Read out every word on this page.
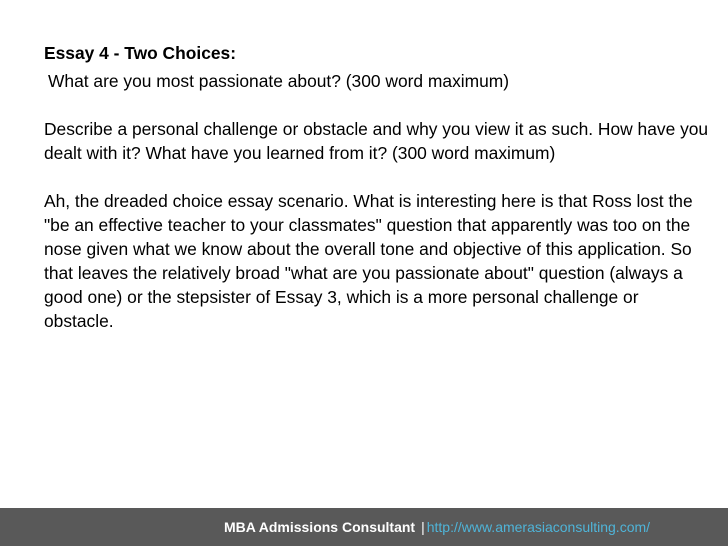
Essay 4 - Two Choices:

What are you most passionate about? (300 word maximum)

Describe a personal challenge or obstacle and why you view it as such. How have you dealt with it? What have you learned from it? (300 word maximum)

Ah, the dreaded choice essay scenario. What is interesting here is that Ross lost the "be an effective teacher to your classmates" question that apparently was too on the nose given what we know about the overall tone and objective of this application. So that leaves the relatively broad "what are you passionate about" question (always a good one) or the stepsister of Essay 3, which is a more personal challenge or obstacle.

MBA Admissions Consultant | http://www.amerasiaconsulting.com/
